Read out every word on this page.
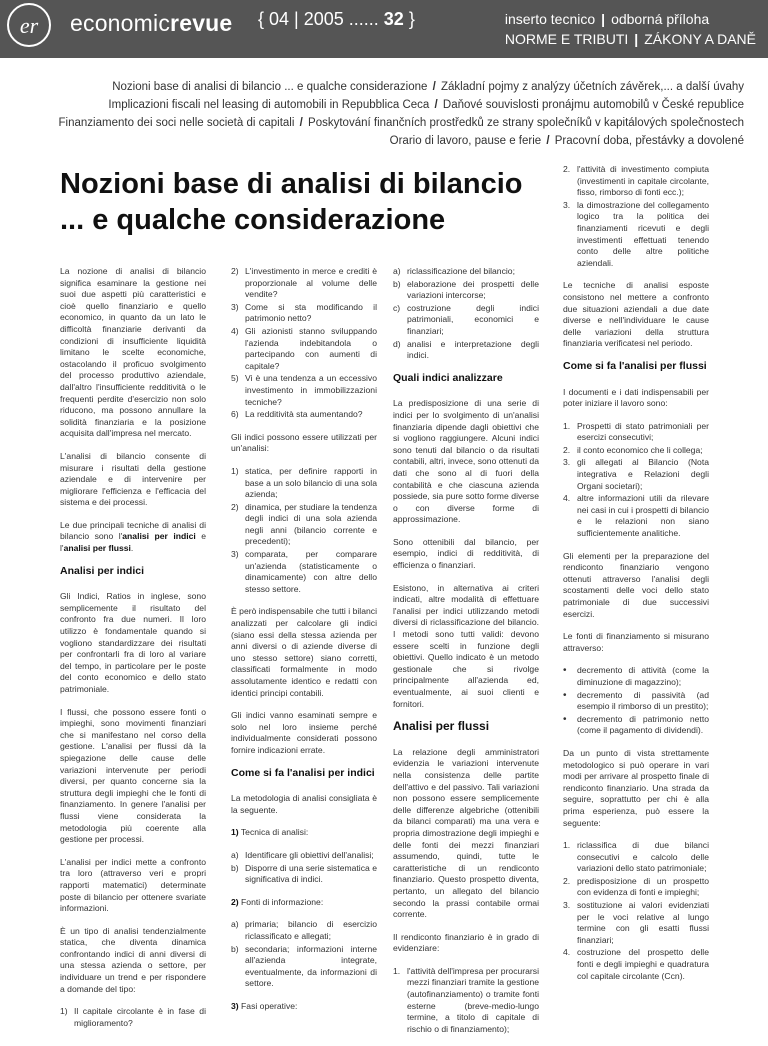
er economicrevue { 04 | 2005 ...... 32 }	inserto tecnico | odborná příloha
NORME E TRIBUTI | ZÁKONY A DANĚ
Nozioni base di analisi di bilancio ... e qualche considerazione / Základní pojmy z analýzy účetních závěrek,... a další úvahy
Implicazioni fiscali nel leasing di automobili in Repubblica Ceca / Daňové souvislosti pronájmu automobilů v České republice
Finanziamento dei soci nelle società di capitali / Poskytování finančních prostředků ze strany společníků v kapitálových společnostech
Orario di lavoro, pause e ferie / Pracovní doba, přestávky a dovolené
Nozioni base di analisi di bilancio
... e qualche considerazione

La nozione di analisi di bilancio significa esaminare la gestione nei suoi due aspetti più caratteristici e cioè quello finanziario e quello economico, in quanto da un lato le difficoltà finanziarie derivanti da condizioni di insufficiente liquidità limitano le scelte economiche, ostacolando il proficuo svolgimento del processo produttivo aziendale, dall'altro l'insufficiente redditività o le frequenti perdite d'esercizio non solo riducono, ma possono annullare la solidità finanziaria e la posizione acquisita dall'impresa nel mercato.

L'analisi di bilancio consente di misurare i risultati della gestione aziendale e di intervenire per migliorare l'efficienza e l'efficacia del sistema e dei processi.

Le due principali tecniche di analisi di bilancio sono l'analisi per indici e l'analisi per flussi.

Analisi per indici

Gli Indici, Ratios in inglese, sono semplicemente il risultato del confronto fra due numeri. Il loro utilizzo è fondamentale quando si vogliono standardizzare dei risultati per confrontarli fra di loro al variare del tempo, in particolare per le poste del conto economico e dello stato patrimoniale.

I flussi, che possono essere fonti o impieghi, sono movimenti finanziari che si manifestano nel corso della gestione. L'analisi per flussi dà la spiegazione delle cause delle variazioni intervenute per periodi diversi, per quanto concerne sia la struttura degli impieghi che le fonti di finanziamento. In genere l'analisi per flussi viene considerata la metodologia più coerente alla gestione per processi.

L'analisi per indici mette a confronto tra loro (attraverso veri e propri rapporti matematici) determinate poste di bilancio per ottenere svariate informazioni.

È un tipo di analisi tendenzialmente statica, che diventa dinamica confrontando indici di anni diversi di una stessa azienda o settore, per individuare un trend e per rispondere a domande del tipo:

1) Il capitale circolante è in fase di miglioramento?
2) L'investimento in merce e crediti è proporzionale al volume delle vendite?
3) Come si sta modificando il patrimonio netto?
4) Gli azionisti stanno sviluppando l'azienda indebitandola o partecipando con aumenti di capitale?
5) Vi è una tendenza a un eccessivo investimento in immobilizzazioni tecniche?
6) La redditività sta aumentando?

Gli indici possono essere utilizzati per un'analisi:

1) statica, per definire rapporti in base a un solo bilancio di una sola azienda;
2) dinamica, per studiare la tendenza degli indici di una sola azienda negli anni (bilancio corrente e precedenti);
3) comparata, per comparare un'azienda (statisticamente o dinamicamente) con altre dello stesso settore.

È però indispensabile che tutti i bilanci analizzati per calcolare gli indici (siano essi della stessa azienda per anni diversi o di aziende diverse di uno stesso settore) siano corretti, classificati formalmente in modo assolutamente identico e redatti con identici principi contabili.

Gli indici vanno esaminati sempre e solo nel loro insieme perché individualmente considerati possono fornire indicazioni errate.

Come si fa l'analisi per indici

La metodologia di analisi consigliata è la seguente.

1) Tecnica di analisi:

a) Identificare gli obiettivi dell'analisi;
b) Disporre di una serie sistematica e significativa di indici.

2) Fonti di informazione:

a) primaria; bilancio di esercizio riclassificato e allegati;
b) secondaria; informazioni interne all'azienda integrate, eventualmente, da informazioni di settore.

3) Fasi operative:

a) riclassificazione del bilancio;
b) elaborazione dei prospetti delle variazioni intercorse;
c) costruzione degli indici patrimoniali, economici e finanziari;
d) analisi e interpretazione degli indici.
Quali indici analizzare

La predisposizione di una serie di indici per lo svolgimento di un'analisi finanziaria dipende dagli obiettivi che si vogliono raggiungere. Alcuni indici sono tenuti dal bilancio o da risultati contabili, altri, invece, sono ottenuti da dati che sono al di fuori della contabilità e che ciascuna azienda possiede, sia pure sotto forme diverse o con diverse forme di approssimazione.

Sono ottenibili dal bilancio, per esempio, indici di redditività, di efficienza o finanziari.

Esistono, in alternativa ai criteri indicati, altre modalità di effettuare l'analisi per indici utilizzando metodi diversi di riclassificazione del bilancio. I metodi sono tutti validi: devono essere scelti in funzione degli obiettivi. Quello indicato è un metodo gestionale che si rivolge principalmente all'azienda ed, eventualmente, ai suoi clienti e fornitori.

Analisi per flussi

La relazione degli amministratori evidenzia le variazioni intervenute nella consistenza delle partite dell'attivo e del passivo. Tali variazioni non possono essere semplicemente delle differenze algebriche (ottenibili da bilanci comparati) ma una vera e propria dimostrazione degli impieghi e delle fonti dei mezzi finanziari assumendo, quindi, tutte le caratteristiche di un rendiconto finanziario. Questo prospetto diventa, pertanto, un allegato del bilancio secondo la prassi contabile ormai corrente.

Il rendiconto finanziario è in grado di evidenziare:

1. l'attività dell'impresa per procurarsi mezzi finanziari tramite la gestione (autofinanziamento) o tramite fonti esterne (breve-medio-lungo termine, a titolo di capitale di rischio o di finanziamento);
2. l'attività di investimento compiuta (investimenti in capitale circolante, fisso, rimborso di fonti ecc.);
3. la dimostrazione del collegamento logico tra la politica dei finanziamenti ricevuti e degli investimenti effettuati tenendo conto delle altre politiche aziendali.

Le tecniche di analisi esposte consistono nel mettere a confronto due situazioni aziendali a due date diverse e nell'individuare le cause delle variazioni della struttura finanziaria verificatesi nel periodo.

Come si fa l'analisi per flussi

I documenti e i dati indispensabili per poter iniziare il lavoro sono:

1. Prospetti di stato patrimoniali per esercizi consecutivi;
2. il conto economico che li collega;
3. gli allegati al Bilancio (Nota integrativa e Relazioni degli Organi societari);
4. altre informazioni utili da rilevare nei casi in cui i prospetti di bilancio e le relazioni non siano sufficientemente analitiche.

Gli elementi per la preparazione del rendiconto finanziario vengono ottenuti attraverso l'analisi degli scostamenti delle voci dello stato patrimoniale di due successivi esercizi.

Le fonti di finanziamento si misurano attraverso:

• decremento di attività (come la diminuzione di magazzino);
• decremento di passività (ad esempio il rimborso di un prestito);
• decremento di patrimonio netto (come il pagamento di dividendi).

Da un punto di vista strettamente metodologico si può operare in vari modi per arrivare al prospetto finale di rendiconto finanziario. Una strada da seguire, soprattutto per chi è alla prima esperienza, può essere la seguente:

1. riclassifica di due bilanci consecutivi e calcolo delle variazioni dello stato patrimoniale;
2. predisposizione di un prospetto con evidenza di fonti e impieghi;
3. sostituzione ai valori evidenziati per le voci relative al lungo termine con gli esatti flussi finanziari;
4. costruzione del prospetto delle fonti e degli impieghi e quadratura col capitale circolante (Ccn).
